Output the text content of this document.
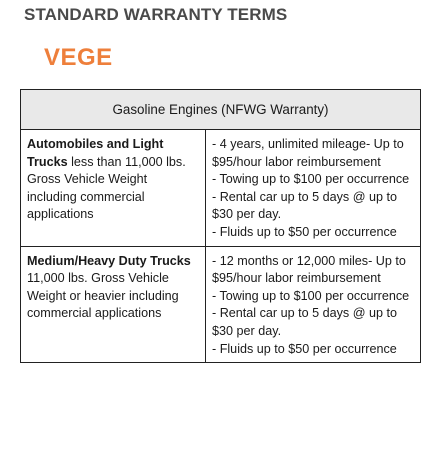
STANDARD WARRANTY TERMS
VEGE
Gasoline Engines (NFWG Warranty)	
Automobiles and Light Trucks less than 11,000 lbs. Gross Vehicle Weight including commercial applications	- 4 years, unlimited mileage- Up to $95/hour labor reimbursement
- Towing up to $100 per occurrence
- Rental car up to 5 days @ up to $30 per day.
- Fluids up to $50 per occurrence

Medium/Heavy Duty Trucks 11,000 lbs. Gross Vehicle Weight or heavier including commercial applications	- 12 months or 12,000 miles- Up to $95/hour labor reimbursement
- Towing up to $100 per occurrence
- Rental car up to 5 days @ up to $30 per day.
- Fluids up to $50 per occurrence
